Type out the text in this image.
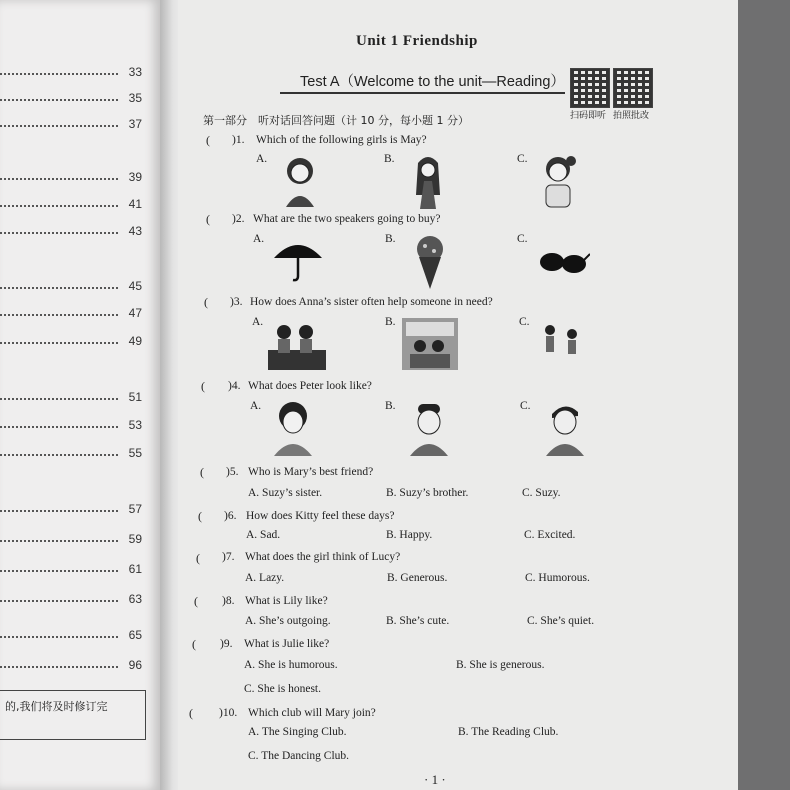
33
35
37
39
41
43
45
47
49
51
53
55
57
59
61
63
65
96
的,我们将及时修订完
Unit 1 Friendship
Test A（Welcome to the unit—Reading）
扫码即听 拍照批改
第一部分　听对话回答问题（计 10 分，每小题 1 分）
( )1. Which of the following girls is May?
A.	B.	C.
( )2. What are the two speakers going to buy?
A.	B.	C.
( )3. How does Anna’s sister often help someone in need?
A.	B.	C.
( )4. What does Peter look like?
A.	B.	C.
( )5. Who is Mary’s best friend?
A. Suzy’s sister.	B. Suzy’s brother.	C. Suzy.
( )6. How does Kitty feel these days?
A. Sad.	B. Happy.	C. Excited.
( )7. What does the girl think of Lucy?
A. Lazy.	B. Generous.	C. Humorous.
( )8. What is Lily like?
A. She’s outgoing.	B. She’s cute.	C. She’s quiet.
( )9. What is Julie like?
A. She is humorous.	B. She is generous.
C. She is honest.
( )10. Which club will Mary join?
A. The Singing Club.	B. The Reading Club.
C. The Dancing Club.
· 1 ·
